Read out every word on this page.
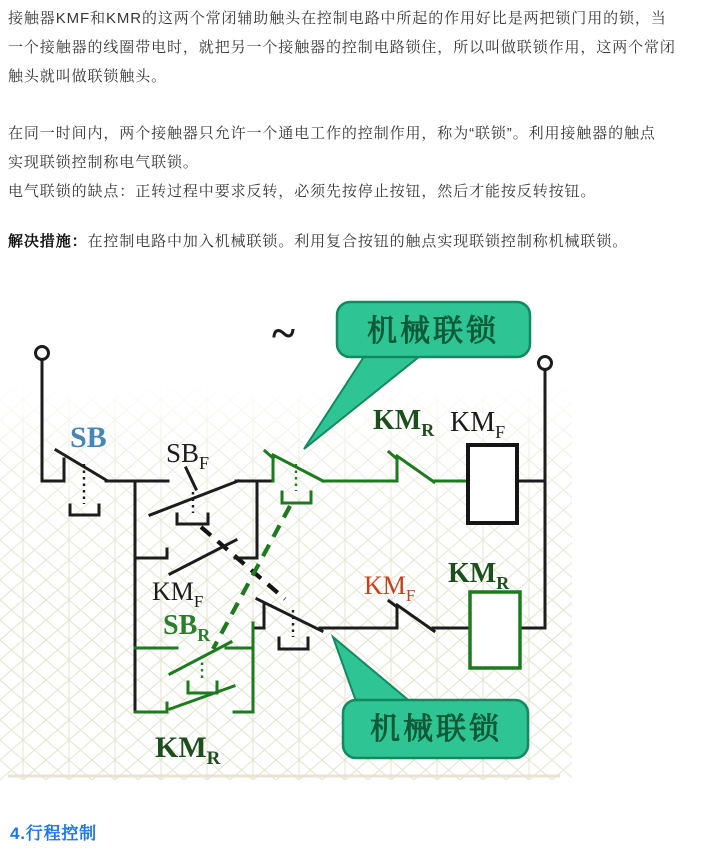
接触器KMF和KMR的这两个常闭辅助触头在控制电路中所起的作用好比是两把锁门用的锁，当
一个接触器的线圈带电时，就把另一个接触器的控制电路锁住，所以叫做联锁作用，这两个常闭
触头就叫做联锁触头。
在同一时间内，两个接触器只允许一个通电工作的控制作用，称为“联锁”。利用接触器的触点
实现联锁控制称电气联锁。
电气联锁的缺点：正转过程中要求反转，必须先按停止按钮，然后才能按反转按钮。
解决措施：在控制电路中加入机械联锁。利用复合按钮的触点实现联锁控制称机械联锁。
~
SB $SB_F$
$KM_F$
$SB_R$
$KM_R$
$KM_R$ $KM_F$
$KM_F$
$KM_R$
机械联锁
机械联锁
4.行程控制
